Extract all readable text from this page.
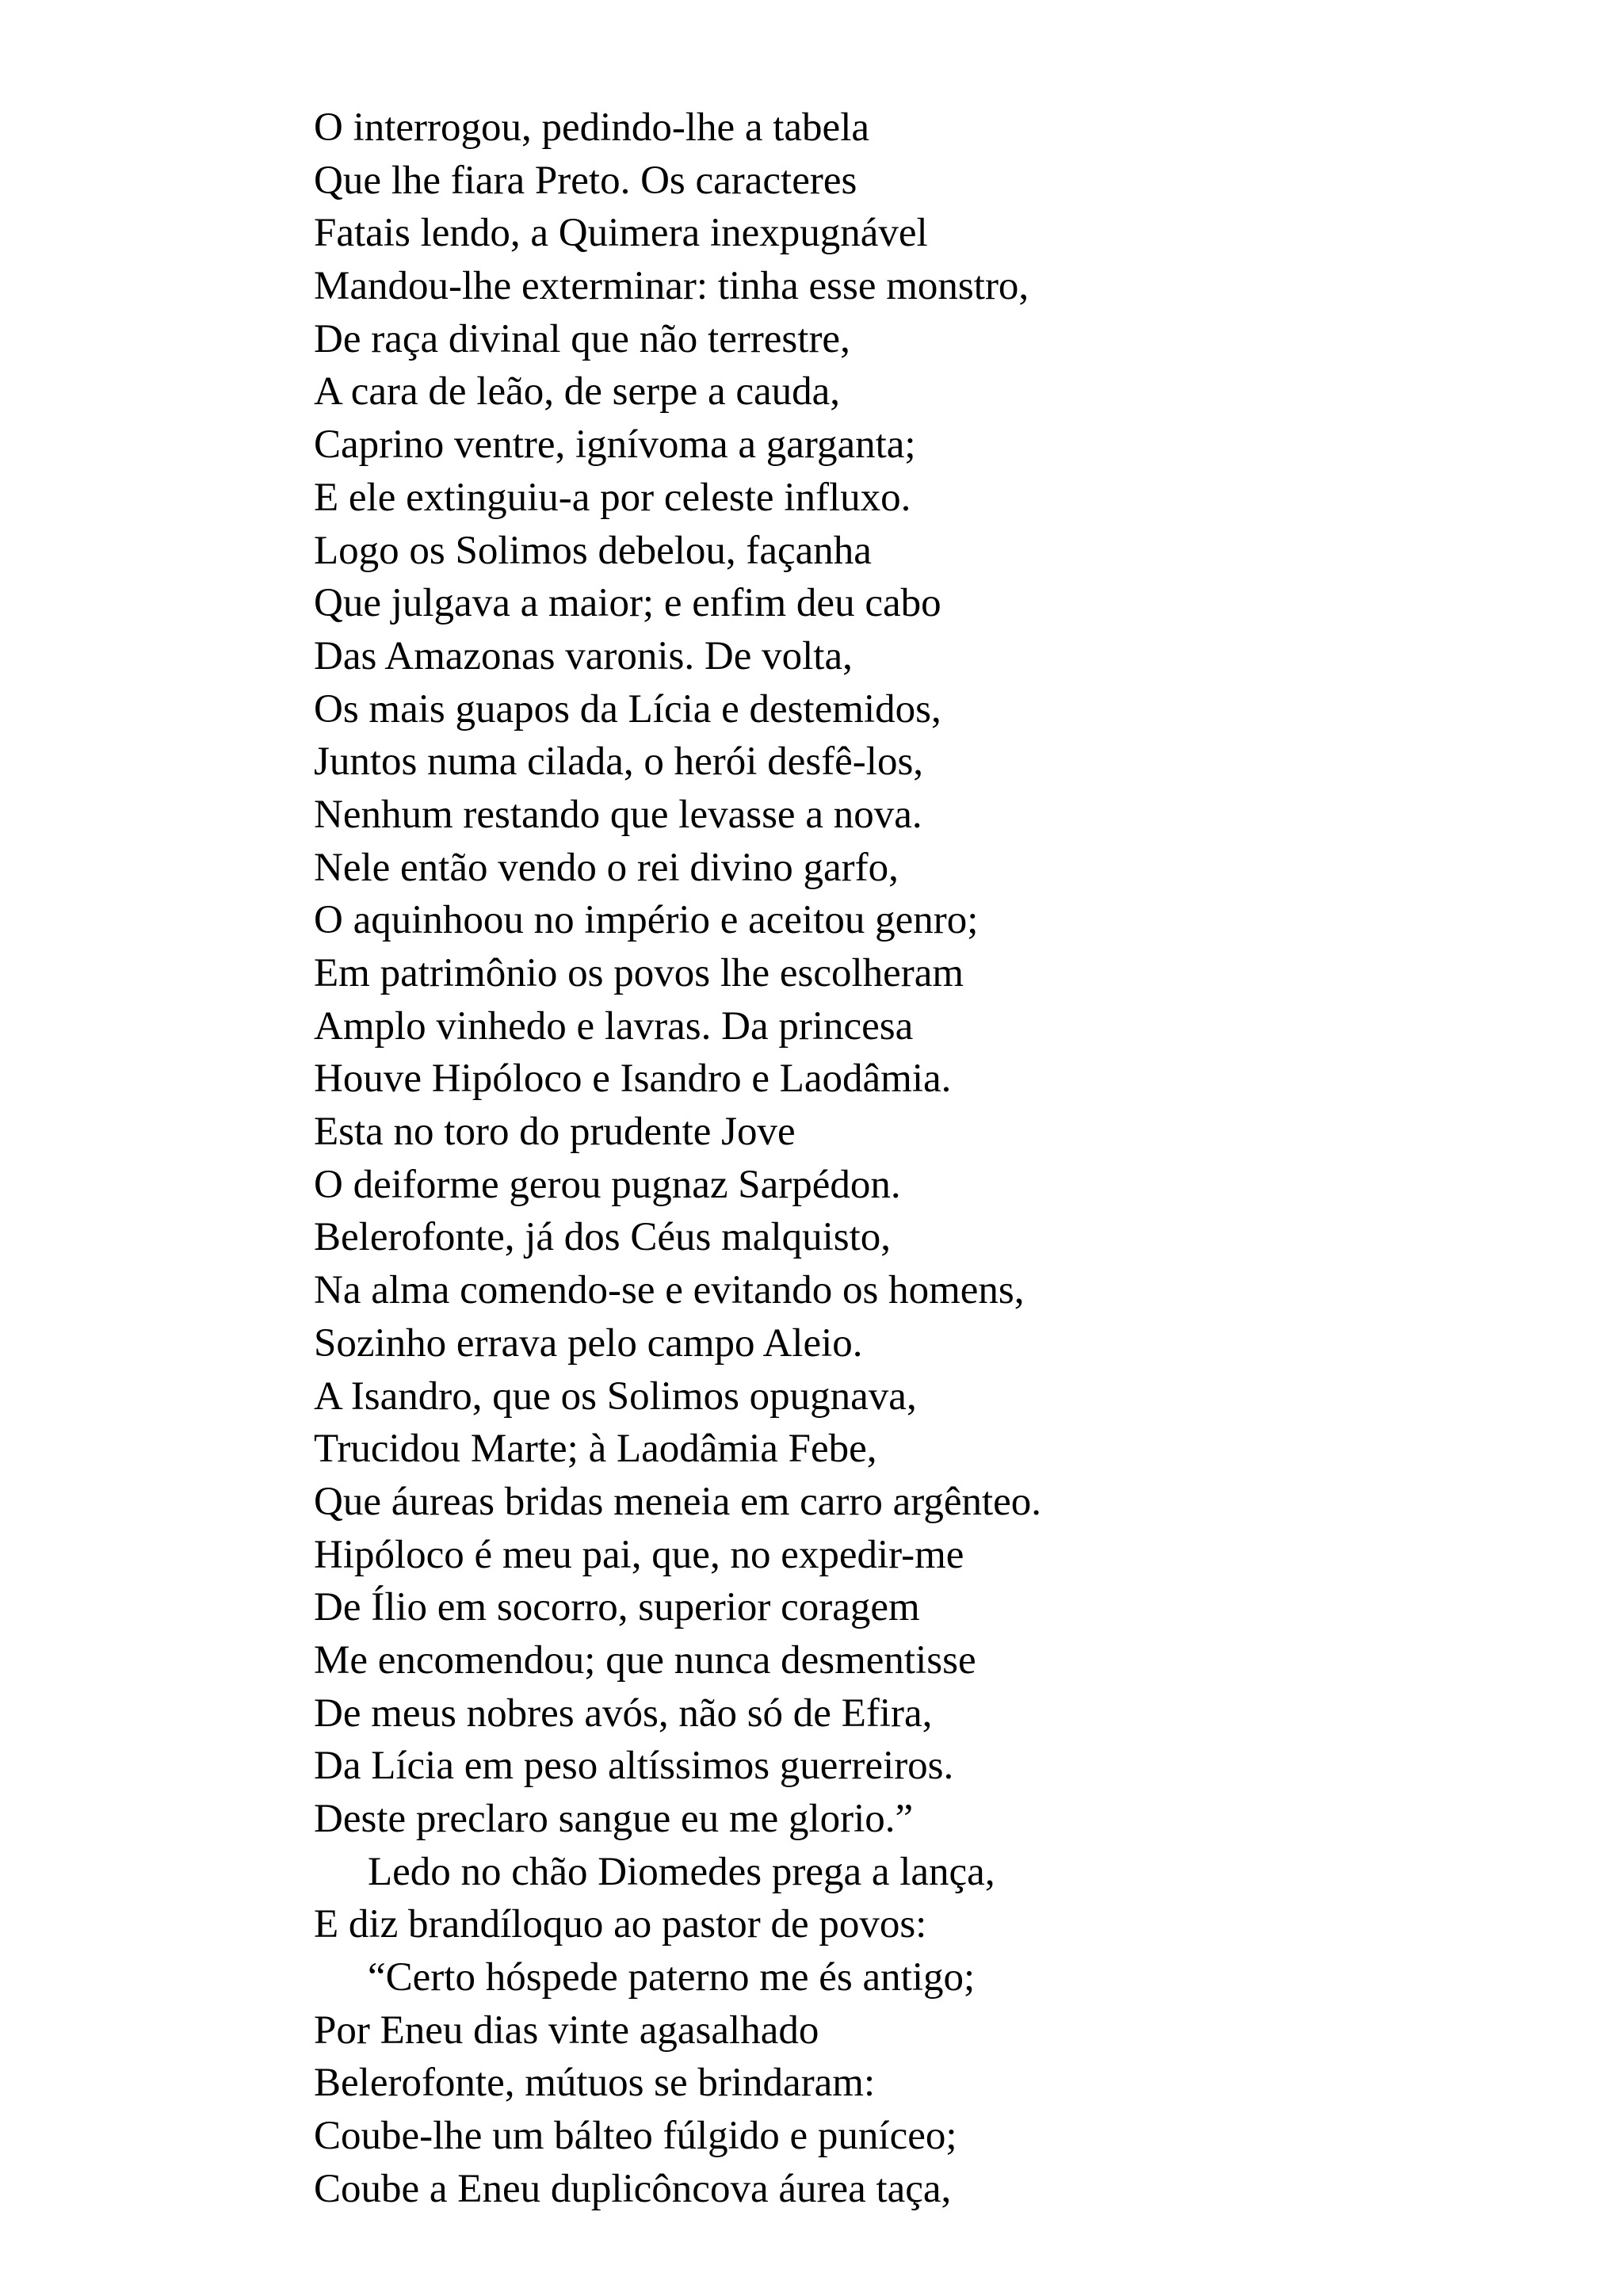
O interrogou, pedindo-lhe a tabela
Que lhe fiara Preto. Os caracteres
Fatais lendo, a Quimera inexpugnável
Mandou-lhe exterminar: tinha esse monstro,
De raça divinal que não terrestre,
A cara de leão, de serpe a cauda,
Caprino ventre, ignívoma a garganta;
E ele extinguiu-a por celeste influxo.
Logo os Solimos debelou, façanha
Que julgava a maior; e enfim deu cabo
Das Amazonas varonis. De volta,
Os mais guapos da Lícia e destemidos,
Juntos numa cilada, o herói desfê-los,
Nenhum restando que levasse a nova.
Nele então vendo o rei divino garfo,
O aquinhoou no império e aceitou genro;
Em patrimônio os povos lhe escolheram
Amplo vinhedo e lavras. Da princesa
Houve Hipóloco e Isandro e Laodâmia.
Esta no toro do prudente Jove
O deiforme gerou pugnaz Sarpédon.
Belerofonte, já dos Céus malquisto,
Na alma comendo-se e evitando os homens,
Sozinho errava pelo campo Aleio.
A Isandro, que os Solimos opugnava,
Trucidou Marte; à Laodâmia Febe,
Que áureas bridas meneia em carro argênteo.
Hipóloco é meu pai, que, no expedir-me
De Ílio em socorro, superior coragem
Me encomendou; que nunca desmentisse
De meus nobres avós, não só de Efira,
Da Lícia em peso altíssimos guerreiros.
Deste preclaro sangue eu me glorio.”
Ledo no chão Diomedes prega a lança,
E diz brandíloquo ao pastor de povos:
“Certo hóspede paterno me és antigo;
Por Eneu dias vinte agasalhado
Belerofonte, mútuos se brindaram:
Coube-lhe um bálteo fúlgido e puníceo;
Coube a Eneu duplicôncova áurea taça,
